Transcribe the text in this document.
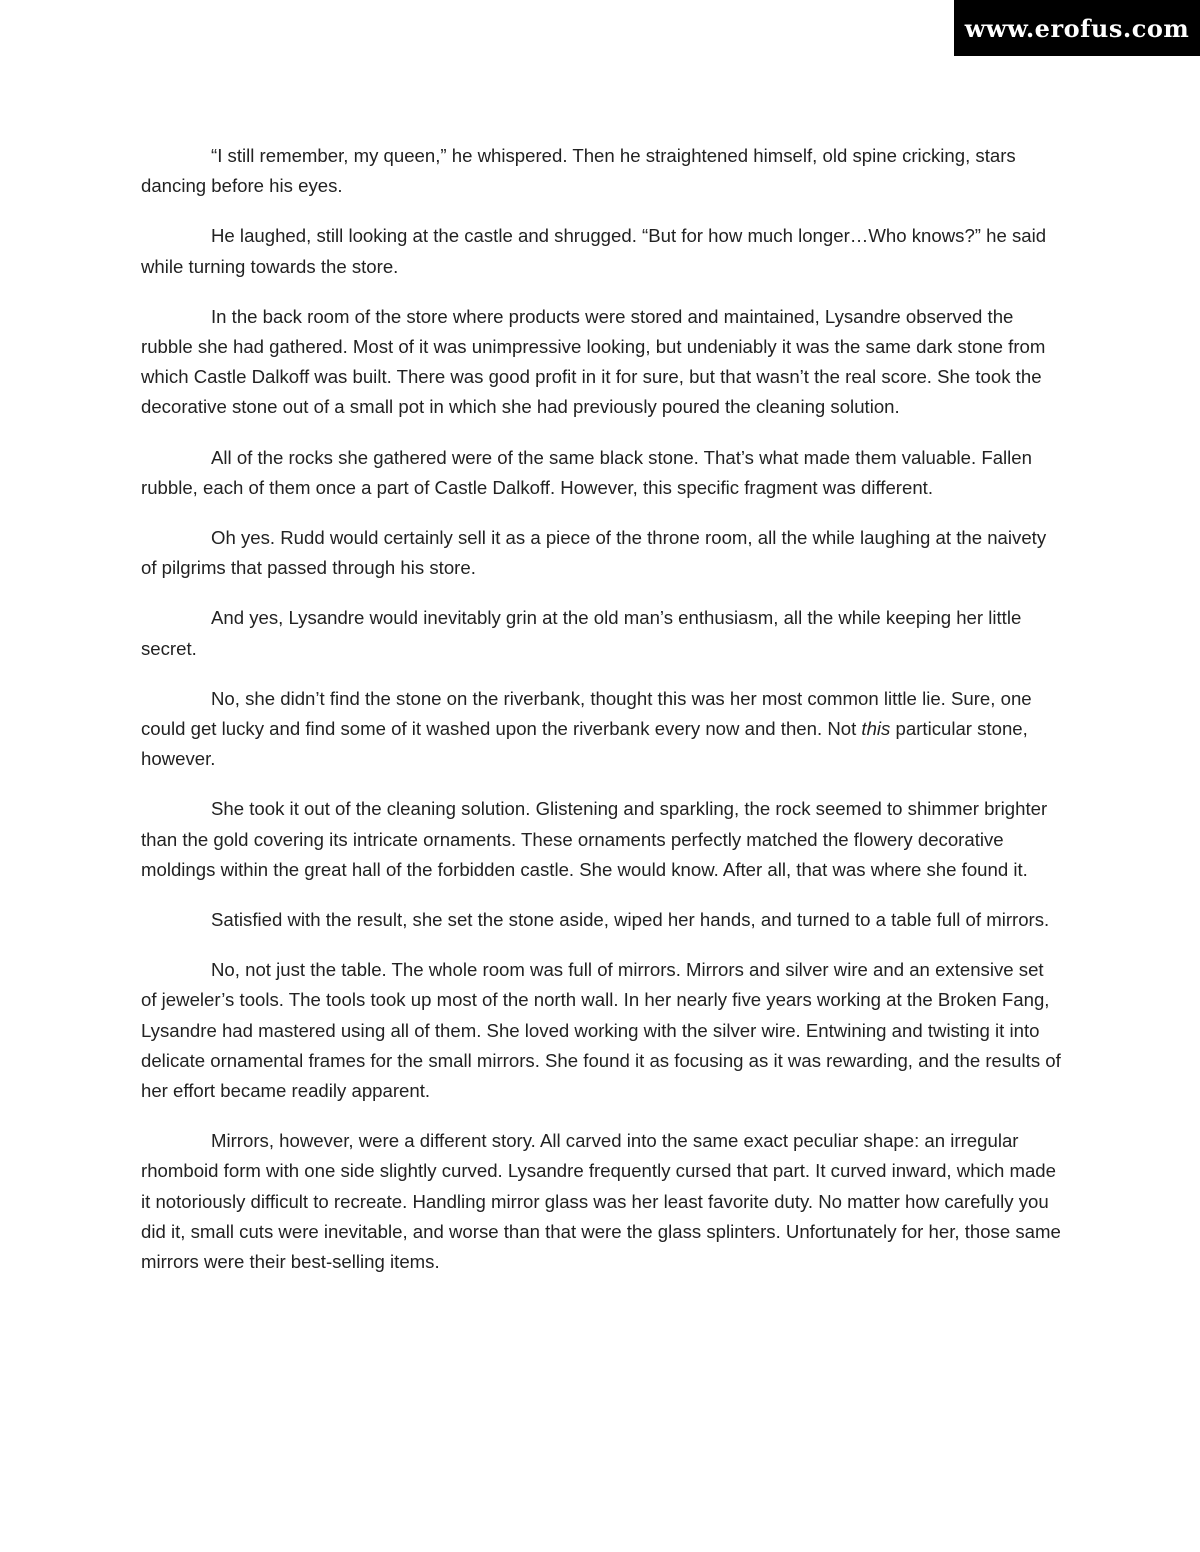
www.erofus.com

“I still remember, my queen,” he whispered. Then he straightened himself, old spine cricking, stars dancing before his eyes.

He laughed, still looking at the castle and shrugged. “But for how much longer…Who knows?” he said while turning towards the store.

In the back room of the store where products were stored and maintained, Lysandre observed the rubble she had gathered. Most of it was unimpressive looking, but undeniably it was the same dark stone from which Castle Dalkoff was built. There was good profit in it for sure, but that wasn’t the real score. She took the decorative stone out of a small pot in which she had previously poured the cleaning solution.

All of the rocks she gathered were of the same black stone. That’s what made them valuable. Fallen rubble, each of them once a part of Castle Dalkoff. However, this specific fragment was different.

Oh yes. Rudd would certainly sell it as a piece of the throne room, all the while laughing at the naivety of pilgrims that passed through his store.

And yes, Lysandre would inevitably grin at the old man’s enthusiasm, all the while keeping her little secret.

No, she didn’t find the stone on the riverbank, thought this was her most common little lie. Sure, one could get lucky and find some of it washed upon the riverbank every now and then. Not this particular stone, however.

She took it out of the cleaning solution. Glistening and sparkling, the rock seemed to shimmer brighter than the gold covering its intricate ornaments. These ornaments perfectly matched the flowery decorative moldings within the great hall of the forbidden castle. She would know. After all, that was where she found it.

Satisfied with the result, she set the stone aside, wiped her hands, and turned to a table full of mirrors.

No, not just the table. The whole room was full of mirrors. Mirrors and silver wire and an extensive set of jeweler’s tools. The tools took up most of the north wall. In her nearly five years working at the Broken Fang, Lysandre had mastered using all of them. She loved working with the silver wire. Entwining and twisting it into delicate ornamental frames for the small mirrors. She found it as focusing as it was rewarding, and the results of her effort became readily apparent.

Mirrors, however, were a different story. All carved into the same exact peculiar shape: an irregular rhomboid form with one side slightly curved. Lysandre frequently cursed that part. It curved inward, which made it notoriously difficult to recreate. Handling mirror glass was her least favorite duty. No matter how carefully you did it, small cuts were inevitable, and worse than that were the glass splinters. Unfortunately for her, those same mirrors were their best-selling items.
